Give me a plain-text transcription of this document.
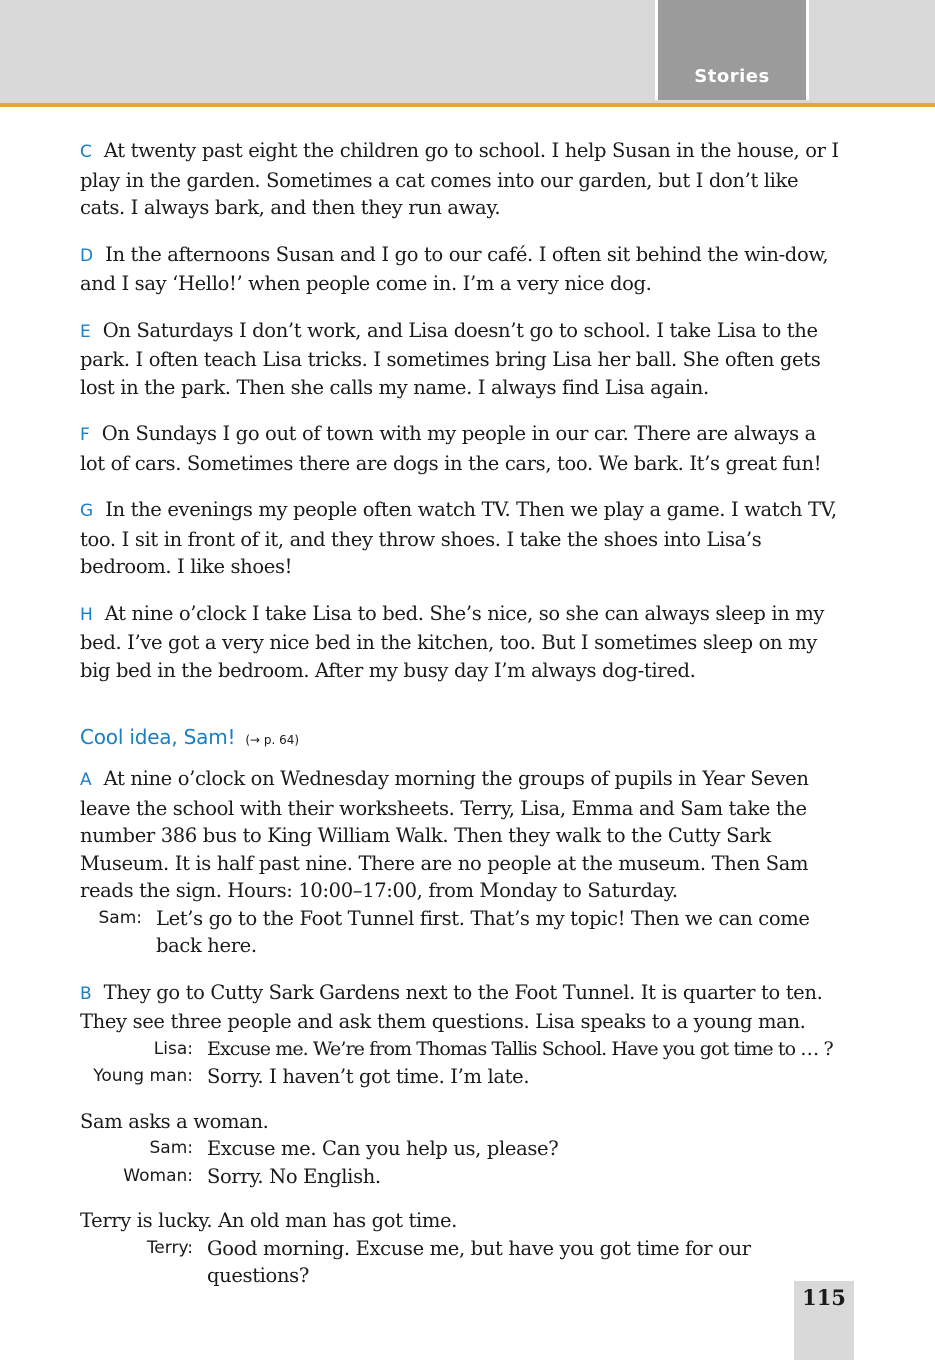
Stories

C At twenty past eight the children go to school. I help Susan in the house, or I play in the garden. Sometimes a cat comes into our garden, but I don’t like cats. I always bark, and then they run away.

D In the afternoons Susan and I go to our café. I often sit behind the win-dow, and I say ‘Hello!’ when people come in. I’m a very nice dog.

E On Saturdays I don’t work, and Lisa doesn’t go to school. I take Lisa to the park. I often teach Lisa tricks. I sometimes bring Lisa her ball. She often gets lost in the park. Then she calls my name. I always find Lisa again.

F On Sundays I go out of town with my people in our car. There are always a lot of cars. Sometimes there are dogs in the cars, too. We bark. It’s great fun!

G In the evenings my people often watch TV. Then we play a game. I watch TV, too. I sit in front of it, and they throw shoes. I take the shoes into Lisa’s bedroom. I like shoes!

H At nine o’clock I take Lisa to bed. She’s nice, so she can always sleep in my bed. I’ve got a very nice bed in the kitchen, too. But I sometimes sleep on my big bed in the bedroom. After my busy day I’m always dog-tired.

Cool idea, Sam! (→ p. 64)
A At nine o’clock on Wednesday morning the groups of pupils in Year Seven leave the school with their worksheets. Terry, Lisa, Emma and Sam take the number 386 bus to King William Walk. Then they walk to the Cutty Sark Museum. It is half past nine. There are no people at the museum. Then Sam reads the sign. Hours: 10:00–17:00, from Monday to Saturday.
Sam: Let’s go to the Foot Tunnel first. That’s my topic! Then we can come back here.
B They go to Cutty Sark Gardens next to the Foot Tunnel. It is quarter to ten. They see three people and ask them questions. Lisa speaks to a young man.
Lisa: Excuse me. We’re from Thomas Tallis School. Have you got time to … ?
Young man: Sorry. I haven’t got time. I’m late.
Sam asks a woman.
Sam: Excuse me. Can you help us, please?
Woman: Sorry. No English.
Terry is lucky. An old man has got time.
Terry: Good morning. Excuse me, but have you got time for our questions?
115
